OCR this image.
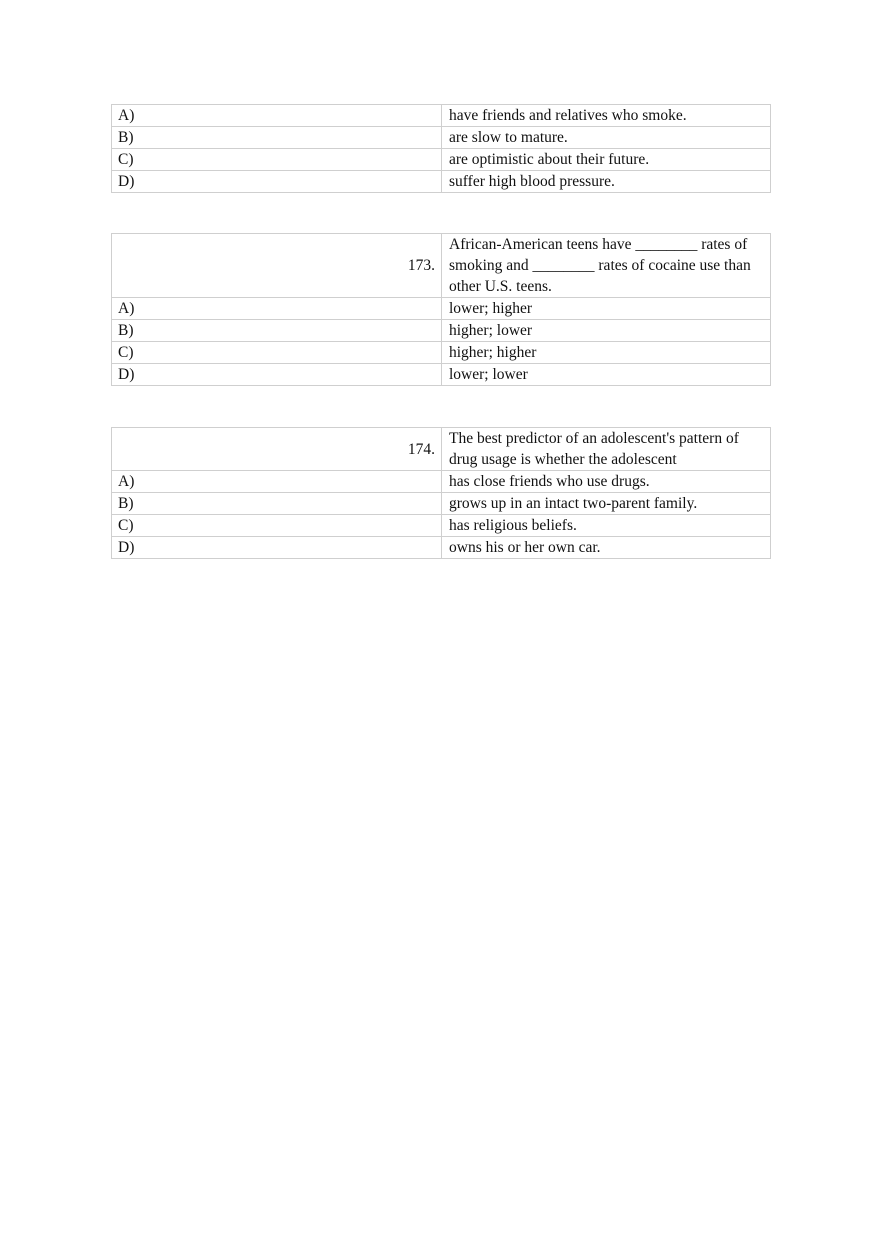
A)	have friends and relatives who smoke.
B)	are slow to mature.
C)	are optimistic about their future.
D)	suffer high blood pressure.
173.	African-American teens have ________ rates of smoking and ________ rates of cocaine use than other U.S. teens.
A)	lower; higher
B)	higher; lower
C)	higher; higher
D)	lower; lower
174.	The best predictor of an adolescent's pattern of drug usage is whether the adolescent
A)	has close friends who use drugs.
B)	grows up in an intact two-parent family.
C)	has religious beliefs.
D)	owns his or her own car.
